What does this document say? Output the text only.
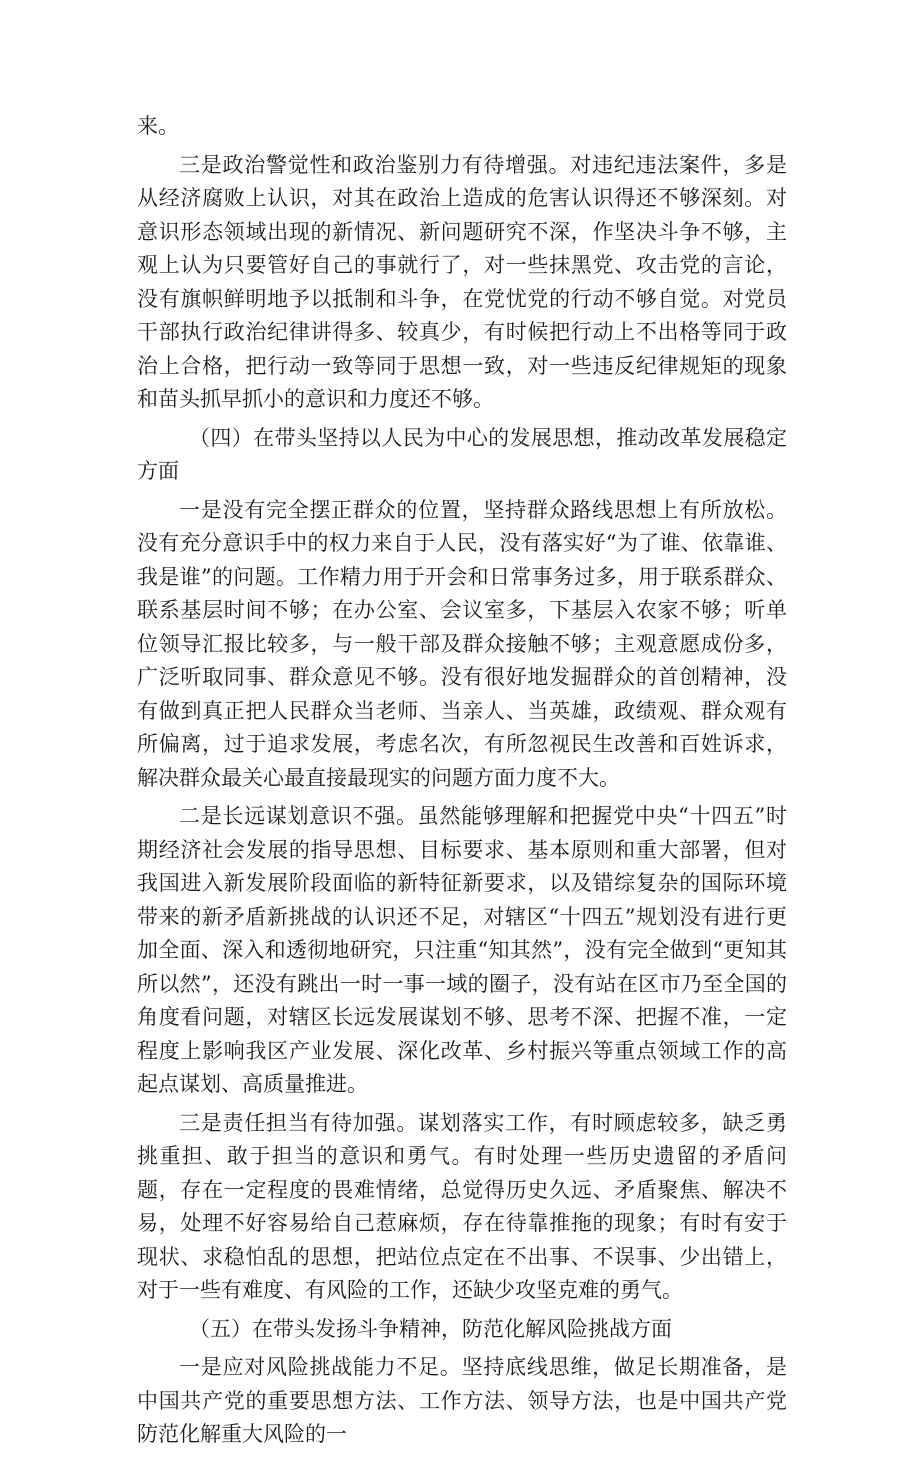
来。

三是政治警觉性和政治鉴别力有待增强。对违纪违法案件，多是从经济腐败上认识，对其在政治上造成的危害认识得还不够深刻。对意识形态领域出现的新情况、新问题研究不深，作坚决斗争不够，主观上认为只要管好自己的事就行了，对一些抹黑党、攻击党的言论，没有旗帜鲜明地予以抵制和斗争，在党忧党的行动不够自觉。对党员干部执行政治纪律讲得多、较真少，有时候把行动上不出格等同于政治上合格，把行动一致等同于思想一致，对一些违反纪律规矩的现象和苗头抓早抓小的意识和力度还不够。

（四）在带头坚持以人民为中心的发展思想，推动改革发展稳定方面

一是没有完全摆正群众的位置，坚持群众路线思想上有所放松。没有充分意识手中的权力来自于人民，没有落实好“为了谁、依靠谁、我是谁”的问题。工作精力用于开会和日常事务过多，用于联系群众、联系基层时间不够；在办公室、会议室多，下基层入农家不够；听单位领导汇报比较多，与一般干部及群众接触不够；主观意愿成份多，广泛听取同事、群众意见不够。没有很好地发掘群众的首创精神，没有做到真正把人民群众当老师、当亲人、当英雄，政绩观、群众观有所偏离，过于追求发展，考虑名次，有所忽视民生改善和百姓诉求，解决群众最关心最直接最现实的问题方面力度不大。

二是长远谋划意识不强。虽然能够理解和把握党中央“十四五”时期经济社会发展的指导思想、目标要求、基本原则和重大部署，但对我国进入新发展阶段面临的新特征新要求，以及错综复杂的国际环境带来的新矛盾新挑战的认识还不足，对辖区“十四五”规划没有进行更加全面、深入和透彻地研究，只注重“知其然”，没有完全做到“更知其所以然”，还没有跳出一时一事一域的圈子，没有站在区市乃至全国的角度看问题，对辖区长远发展谋划不够、思考不深、把握不准，一定程度上影响我区产业发展、深化改革、乡村振兴等重点领域工作的高起点谋划、高质量推进。

三是责任担当有待加强。谋划落实工作，有时顾虑较多，缺乏勇挑重担、敢于担当的意识和勇气。有时处理一些历史遗留的矛盾问题，存在一定程度的畏难情绪，总觉得历史久远、矛盾聚焦、解决不易，处理不好容易给自己惹麻烦，存在待靠推拖的现象；有时有安于现状、求稳怕乱的思想，把站位点定在不出事、不误事、少出错上，对于一些有难度、有风险的工作，还缺少攻坚克难的勇气。

（五）在带头发扬斗争精神，防范化解风险挑战方面

一是应对风险挑战能力不足。坚持底线思维，做足长期准备，是中国共产党的重要思想方法、工作方法、领导方法，也是中国共产党防范化解重大风险的一
